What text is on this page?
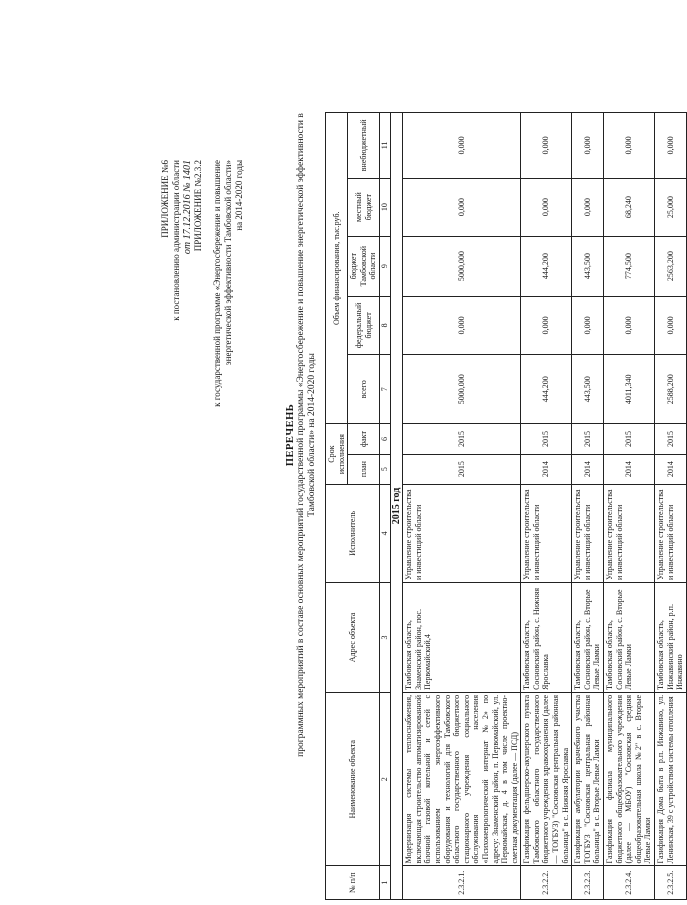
ПРИЛОЖЕНИЕ №6 к постановлению администрации области от 17.12.2016 № 1401 ПРИЛОЖЕНИЕ №2.3.2 к государственной программе «Энергосбережение и повышение энергетической эффективности Тамбовской области» на 2014-2020 годы
ПЕРЕЧЕНЬ программных мероприятий в составе основных мероприятий государственной программы «Энергосбережение и повышение энергетической эффективности в Тамбовской области» на 2014-2020 годы
№ п/п	Наименование объекта	Адрес объекта	Исполнитель	Срок исполнения		Объем финансирования, тыс.руб.				
				план	факт	всего	федеральный бюджет	бюджет Тамбовской области	местный бюджет	внебюджетный
1	2	3	4	5	6	7	8	9	10	11
2015 год										
2.3.2.1.	Модернизация системы теплоснабжения, включающая строительство автоматизированной блочной газовой котельной и сетей с использованием энергоэффективного оборудования и технологий для Тамбовского областного государственного бюджетного стационарного учреждения социального обслуживания населения «Психоневрологический интернат №2» по адресу: Знаменский район, п. Первомайский, ул. Первомайская, д. 4 в том числе проектно-сметная документация (далее — ПСД)	Тамбовская область, Знаменский район, пос. Первомайский,4	Управление строительства и инвестиций области	2015	2015	5000,000	0,000	5000,000	0,000	0,000
2.3.2.2.	Газификация фельдшерско-акушерского пункта Тамбовского областного государственного бюджетного учреждения здравоохранения (далее — ТОГБУЗ) "Сосновская центральная районная больница" в с. Нижняя Ярославка	Тамбовская область, Сосновский район, с. Нижняя Ярославка	Управление строительства и инвестиций области	2014	2015	444,200	0,000	444,200	0,000	0,000
2.3.2.3.	Газификация амбулатории врачебного участка ТОГБУЗ "Сосновская центральная районная больница" в с. Вторые Левые Ламки	Тамбовская область, Сосновский район, с. Вторые Левые Ламки	Управление строительства и инвестиций области	2014	2015	443,500	0,000	443,500	0,000	0,000
2.3.2.4.	Газификация филиала муниципального бюджетного общеобразовательного учреждения (далее — МБОУ) "Сосновская средняя общеобразовательная школа №2" в с. Вторые Левые Ламки	Тамбовская область, Сосновский район, с. Вторые Левые Ламки	Управление строительства и инвестиций области	2014	2015	4011,340	0,000	774,500	68,240	0,000
2.3.2.5.	Газификация Дома быта в р.п. Инжавино, ул. Ленинская, 39 с устройством системы отопления	Тамбовская область, Инжавинский район, р.п. Инжавино	Управление строительства и инвестиций области	2014	2015	2588,200	0,000	2563,200	25,000	0,000
